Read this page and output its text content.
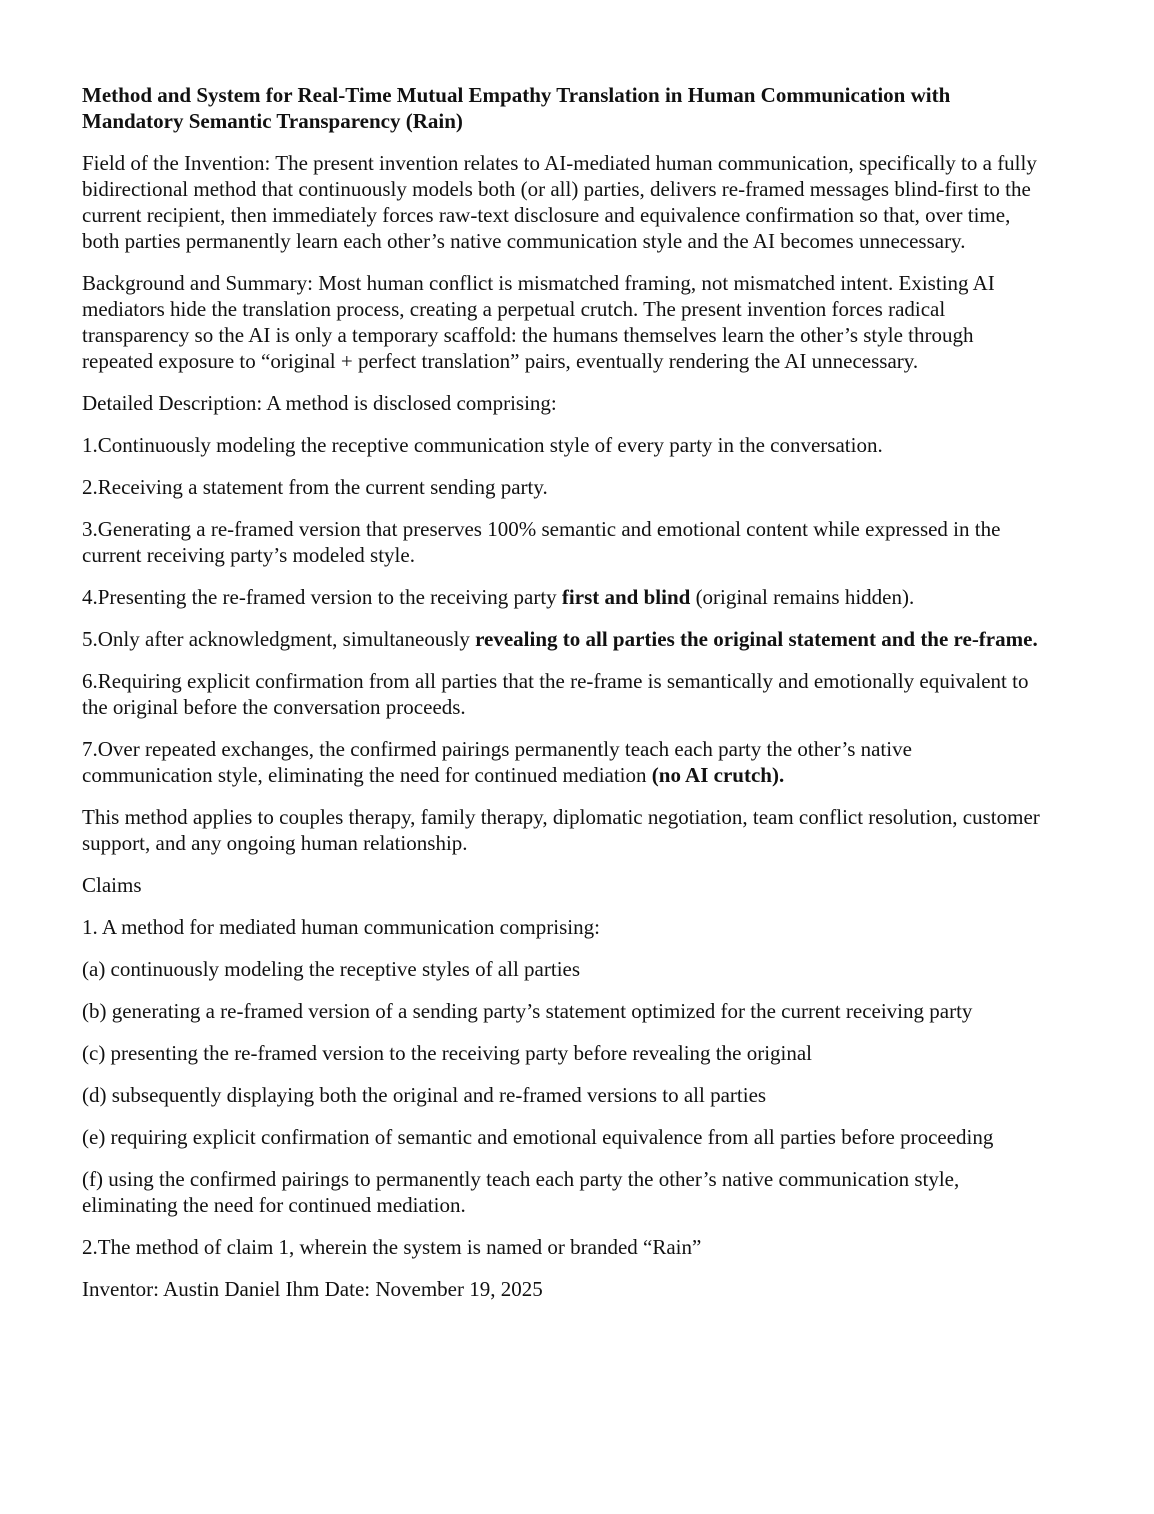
Method and System for Real-Time Mutual Empathy Translation in Human Communication with Mandatory Semantic Transparency (Rain)

Field of the Invention: The present invention relates to AI-mediated human communication, specifically to a fully bidirectional method that continuously models both (or all) parties, delivers re-framed messages blind-first to the current recipient, then immediately forces raw-text disclosure and equivalence confirmation so that, over time, both parties permanently learn each other’s native communication style and the AI becomes unnecessary.

Background and Summary: Most human conflict is mismatched framing, not mismatched intent. Existing AI mediators hide the translation process, creating a perpetual crutch. The present invention forces radical transparency so the AI is only a temporary scaffold: the humans themselves learn the other’s style through repeated exposure to “original + perfect translation” pairs, eventually rendering the AI unnecessary.

Detailed Description: A method is disclosed comprising:

1.Continuously modeling the receptive communication style of every party in the conversation.

2.Receiving a statement from the current sending party.

3.Generating a re-framed version that preserves 100% semantic and emotional content while expressed in the current receiving party’s modeled style.

4.Presenting the re-framed version to the receiving party first and blind (original remains hidden).

5.Only after acknowledgment, simultaneously revealing to all parties the original statement and the re-frame.

6.Requiring explicit confirmation from all parties that the re-frame is semantically and emotionally equivalent to the original before the conversation proceeds.

7.Over repeated exchanges, the confirmed pairings permanently teach each party the other’s native communication style, eliminating the need for continued mediation (no AI crutch).

This method applies to couples therapy, family therapy, diplomatic negotiation, team conflict resolution, customer support, and any ongoing human relationship.

Claims

1. A method for mediated human communication comprising:

(a) continuously modeling the receptive styles of all parties

(b) generating a re-framed version of a sending party’s statement optimized for the current receiving party

(c) presenting the re-framed version to the receiving party before revealing the original

(d) subsequently displaying both the original and re-framed versions to all parties

(e) requiring explicit confirmation of semantic and emotional equivalence from all parties before proceeding

(f) using the confirmed pairings to permanently teach each party the other’s native communication style, eliminating the need for continued mediation.

2.The method of claim 1, wherein the system is named or branded “Rain”

Inventor: Austin Daniel Ihm Date: November 19, 2025
